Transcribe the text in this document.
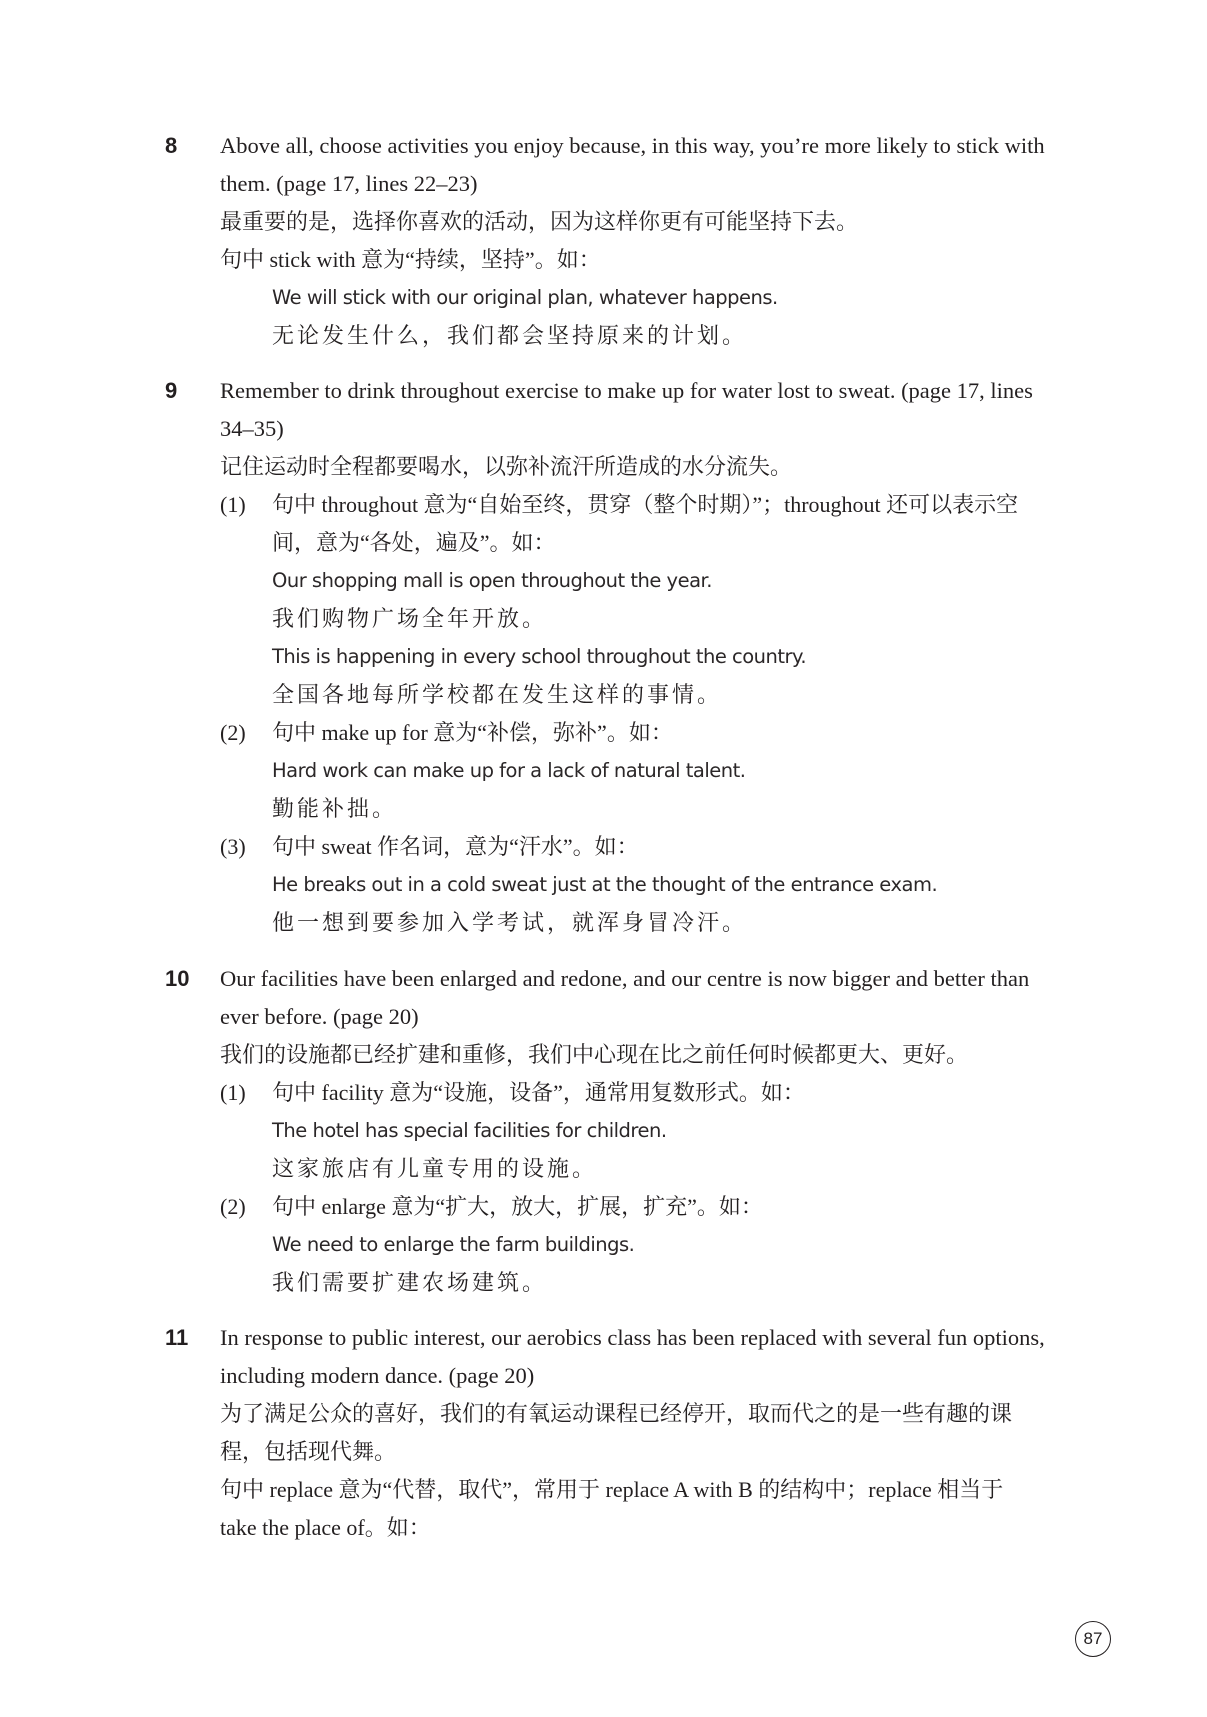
8 Above all, choose activities you enjoy because, in this way, you’re more likely to stick with them. (page 17, lines 22–23)
最重要的是，选择你喜欢的活动，因为这样你更有可能坚持下去。
句中 stick with 意为“持续，坚持”。如：
We will stick with our original plan, whatever happens.
无论发生什么，我们都会坚持原来的计划。
9 Remember to drink throughout exercise to make up for water lost to sweat. (page 17, lines 34–35)
记住运动时全程都要喝水，以弥补流汗所造成的水分流失。
(1) 句中 throughout 意为“自始至终，贯穿（整个时期）”；throughout 还可以表示空间，意为“各处，遍及”。如：
Our shopping mall is open throughout the year.
我们购物广场全年开放。
This is happening in every school throughout the country.
全国各地每所学校都在发生这样的事情。
(2) 句中 make up for 意为“补偿，弥补”。如：
Hard work can make up for a lack of natural talent.
勤能补拙。
(3) 句中 sweat 作名词，意为“汗水”。如：
He breaks out in a cold sweat just at the thought of the entrance exam.
他一想到要参加入学考试，就浑身冒冷汗。
10 Our facilities have been enlarged and redone, and our centre is now bigger and better than ever before. (page 20)
我们的设施都已经扩建和重修，我们中心现在比之前任何时候都更大、更好。
(1) 句中 facility 意为“设施，设备”，通常用复数形式。如：
The hotel has special facilities for children.
这家旅店有儿童专用的设施。
(2) 句中 enlarge 意为“扩大，放大，扩展，扩充”。如：
We need to enlarge the farm buildings.
我们需要扩建农场建筑。
11 In response to public interest, our aerobics class has been replaced with several fun options, including modern dance. (page 20)
为了满足公众的喜好，我们的有氧运动课程已经停开，取而代之的是一些有趣的课程，包括现代舞。
句中 replace 意为“代替，取代”，常用于 replace A with B 的结构中；replace 相当于 take the place of。如：
87
